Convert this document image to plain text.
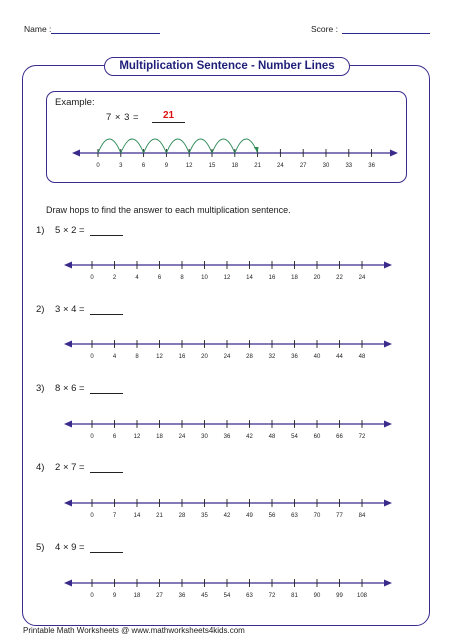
Name :	Score :
Multiplication Sentence - Number Lines
Example:
7 × 3 =	21
Draw hops to find the answer to each multiplication sentence.
1) 5 × 2 =
2) 3 × 4 =
3) 8 × 6 =
4) 2 × 7 =
5) 4 × 9 =
0	3	6	9	12	15	18	21	24	27	30	33	36
0	2	4	6	8	10	12	14	16	18	20	22	24
0	4	8	12	16	20	24	28	32	36	40	44	48
0	6	12	18	24	30	36	42	48	54	60	66	72
0	7	14	21	28	35	42	49	56	63	70	77	84
0	9	18	27	36	45	54	63	72	81	90	99 108
Printable Math Worksheets @ www.mathworksheets4kids.com
